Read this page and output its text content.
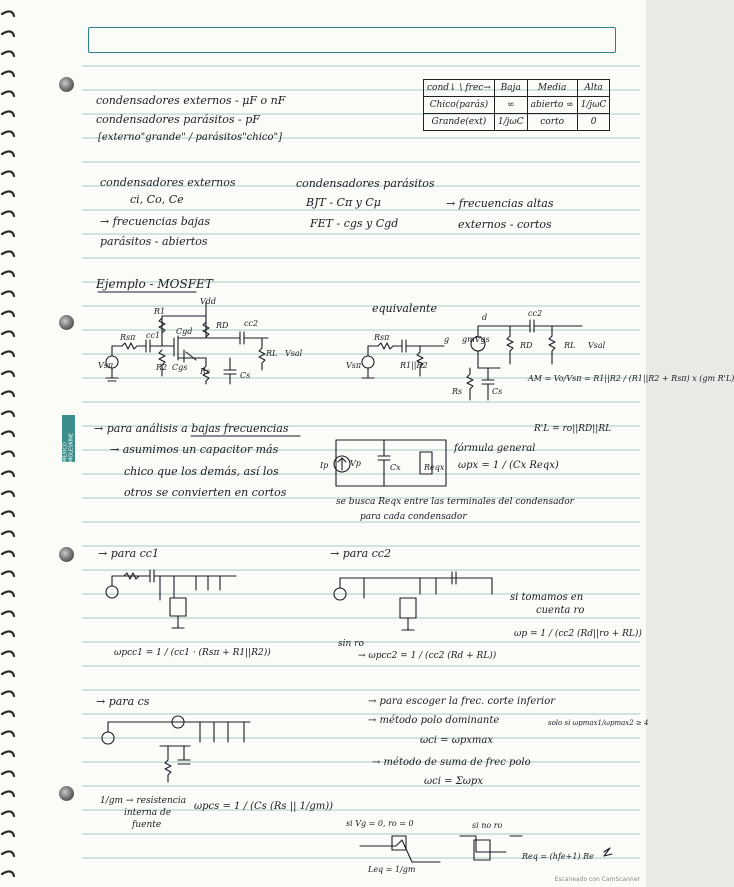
MÉXICO MOLESKINE
cond↓ \ frec→	Baja	Media	Alta
Chico(parás)	∞	abierto ∞	1/jωC
Grande(ext)	1/jωC	corto	0
condensadores externos - μF o nF
condensadores parásitos - pF
[externo"grande" / parásitos"chico"]
condensadores externos
ci, Co, Ce
→ frecuencias bajas
parásitos - abiertos
condensadores parásitos
BJT - Cπ y Cμ
FET - cgs y Cgd
→ frecuencias altas
externos - cortos
Ejemplo - MOSFET
equivalente
AM = Vo/Vsπ = R1||R2 / (R1||R2 + Rsπ) x (gm R'L)
R'L = ro||RD||RL
→ para análisis a bajas frecuencias
→ asumimos un capacitor más
chico que los demás, así los
otros se convierten en cortos
fórmula general
ωpx = 1 / (Cx Reqx)
se busca Reqx entre las terminales del condensador
para cada condensador
→ para cc1	→ para cc2
ωpcc1 = 1 / (cc1 · (Rsπ + R1||R2))
sin ro
→ ωpcc2 = 1 / (cc2 (Rd + RL))
si tomamos en
cuenta ro
ωp = 1 / (cc2 (Rd||ro + RL))
→ para cs	→ para escoger la frec. corte inferior
→ método polo dominante	solo si ωpmax1/ωpmax2 ≥ 4
ωci = ωpxmax
→ método de suma de frec polo
ωci = Σωpx
1/gm → resistencia
interna de
fuente
ωpcs = 1 / (Cs (Rs || 1/gm))
si Vg = 0, ro = 0
Leq = 1/gm
si no ro
Req = (hfe+1) Re
Vdd
R1
RD cc2
Rsπ cc1 Cgd
Cgs
R2	Rs	Cs
RL Vsal
Vsπ
d
g gmVgs
cc2
RD	RL Vsal
Rsπ
R1||R2
Rs	Cs
Vsπ
Ip	Vp	Cx	Reqx
Escaneado con CamScanner
